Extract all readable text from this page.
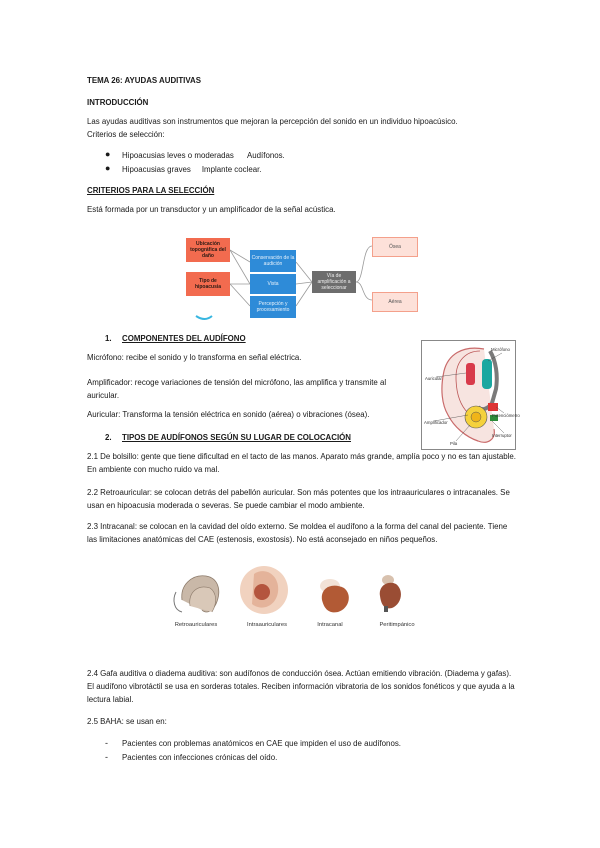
TEMA 26: AYUDAS AUDITIVAS

INTRODUCCIÓN

Las ayudas auditivas son instrumentos que mejoran la percepción del sonido en un individuo hipoacúsico. Criterios de selección:

● Hipoacusias leves o moderadas Audífonos.
● Hipoacusias graves Implante coclear.

CRITERIOS PARA LA SELECCIÓN

Está formada por un transductor y un amplificador de la señal acústica.

Ubicación topográfica del daño
Tipo de hipoacusia
Conservación de la audición
Vista
Percepción y procesamiento
Vía de amplificación a seleccionar
Ósea
Aérea

1.	COMPONENTES DEL AUDÍFONO

Micrófono: recibe el sonido y lo transforma en señal eléctrica.

Amplificador: recoge variaciones de tensión del micrófono, las amplifica y transmite al auricular.

Auricular: Transforma la tensión eléctrica en sonido (aérea) o vibraciones (ósea).

Micrófono
Auricular
Amplificador
Potenciómetro
Pila
Interruptor

2.	TIPOS DE AUDÍFONOS SEGÚN SU LUGAR DE COLOCACIÓN

2.1 De bolsillo: gente que tiene dificultad en el tacto de las manos. Aparato más grande, amplía poco y no es tan ajustable. En ambiente con mucho ruido va mal.

2.2 Retroauricular: se colocan detrás del pabellón auricular. Son más potentes que los intraauriculares o intracanales. Se usan en hipoacusia moderada o severas. Se puede cambiar el modo ambiente.

2.3 Intracanal: se colocan en la cavidad del oído externo. Se moldea el audífono a la forma del canal del paciente. Tiene las limitaciones anatómicas del CAE (estenosis, exostosis). No está aconsejado en niños pequeños.

Retroauriculares	Intraauriculares	Intracanal	Peritimpánico

2.4 Gafa auditiva o diadema auditiva: son audífonos de conducción ósea. Actúan emitiendo vibración. (Diadema y gafas). El audífono vibrotáctil se usa en sorderas totales. Reciben información vibratoria de los sonidos fonéticos y que ayuda a la lectura labial.

2.5 BAHA: se usan en:

- Pacientes con problemas anatómicos en CAE que impiden el uso de audífonos.
- Pacientes con infecciones crónicas del oído.
